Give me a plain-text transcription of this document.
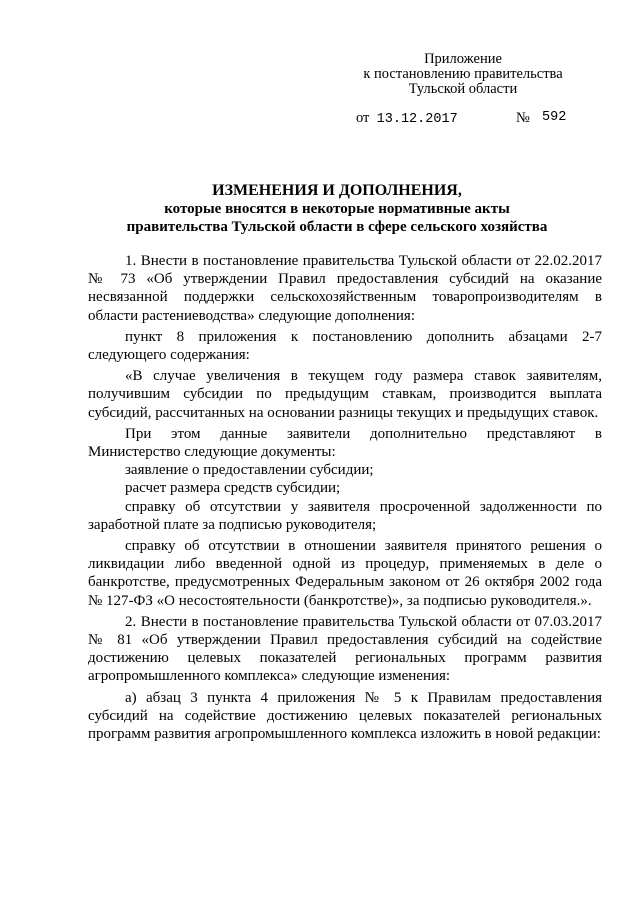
Приложение
к постановлению правительства
Тульской области
от 13.12.2017	№ 592
ИЗМЕНЕНИЯ И ДОПОЛНЕНИЯ,
которые вносятся в некоторые нормативные акты
правительства Тульской области в сфере сельского хозяйства

1. Внести в постановление правительства Тульской области от 22.02.2017 № 73 «Об утверждении Правил предоставления субсидий на оказание несвязанной поддержки сельскохозяйственным товаропроизводителям в области растениеводства» следующие дополнения:

пункт 8 приложения к постановлению дополнить абзацами 2-7 следующего содержания:

«В случае увеличения в текущем году размера ставок заявителям, получившим субсидии по предыдущим ставкам, производится выплата субсидий, рассчитанных на основании разницы текущих и предыдущих ставок.

При этом данные заявители дополнительно представляют в Министерство следующие документы:

заявление о предоставлении субсидии;

расчет размера средств субсидии;

справку об отсутствии у заявителя просроченной задолженности по заработной плате за подписью руководителя;

справку об отсутствии в отношении заявителя принятого решения о ликвидации либо введенной одной из процедур, применяемых в деле о банкротстве, предусмотренных Федеральным законом от 26 октября 2002 года № 127-ФЗ «О несостоятельности (банкротстве)», за подписью руководителя.».

2. Внести в постановление правительства Тульской области от 07.03.2017 № 81 «Об утверждении Правил предоставления субсидий на содействие достижению целевых показателей региональных программ развития агропромышленного комплекса» следующие изменения:

а) абзац 3 пункта 4 приложения № 5 к Правилам предоставления субсидий на содействие достижению целевых показателей региональных программ развития агропромышленного комплекса изложить в новой редакции:
